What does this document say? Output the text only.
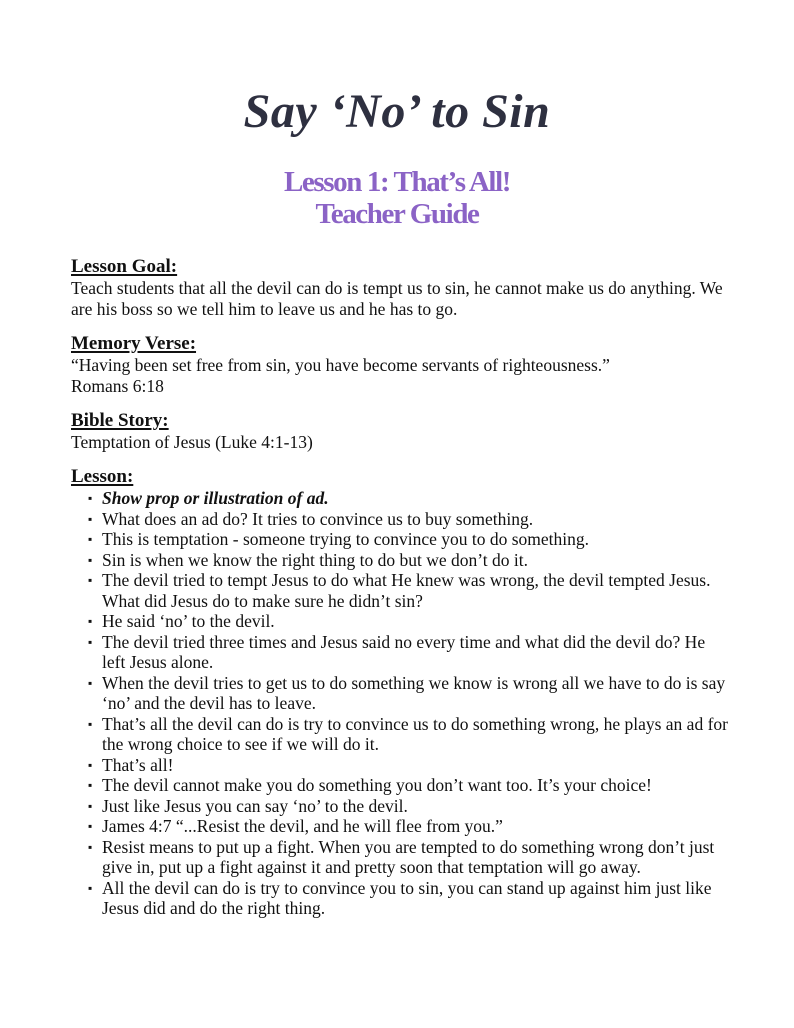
Say ‘No’ to Sin
Lesson 1: That’s All!
Teacher Guide
Lesson Goal:

Teach students that all the devil can do is tempt us to sin, he cannot make us do anything. We are his boss so we tell him to leave us and he has to go.

Memory Verse:

“Having been set free from sin, you have become servants of righteousness.”

Romans 6:18

Bible Story:

Temptation of Jesus (Luke 4:1-13)

Lesson:
▪ Show prop or illustration of ad.
▪ What does an ad do? It tries to convince us to buy something.
▪ This is temptation - someone trying to convince you to do something.
▪ Sin is when we know the right thing to do but we don’t do it.
▪ The devil tried to tempt Jesus to do what He knew was wrong, the devil tempted Jesus. What did Jesus do to make sure he didn’t sin?
▪ He said ‘no’ to the devil.
▪ The devil tried three times and Jesus said no every time and what did the devil do? He left Jesus alone.
▪ When the devil tries to get us to do something we know is wrong all we have to do is say ‘no’ and the devil has to leave.
▪ That’s all the devil can do is try to convince us to do something wrong, he plays an ad for the wrong choice to see if we will do it.
▪ That’s all!
▪ The devil cannot make you do something you don’t want too. It’s your choice!
▪ Just like Jesus you can say ‘no’ to the devil.
▪ James 4:7 “...Resist the devil, and he will flee from you.”
▪ Resist means to put up a fight. When you are tempted to do something wrong don’t just give in, put up a fight against it and pretty soon that temptation will go away.
▪ All the devil can do is try to convince you to sin, you can stand up against him just like Jesus did and do the right thing.
